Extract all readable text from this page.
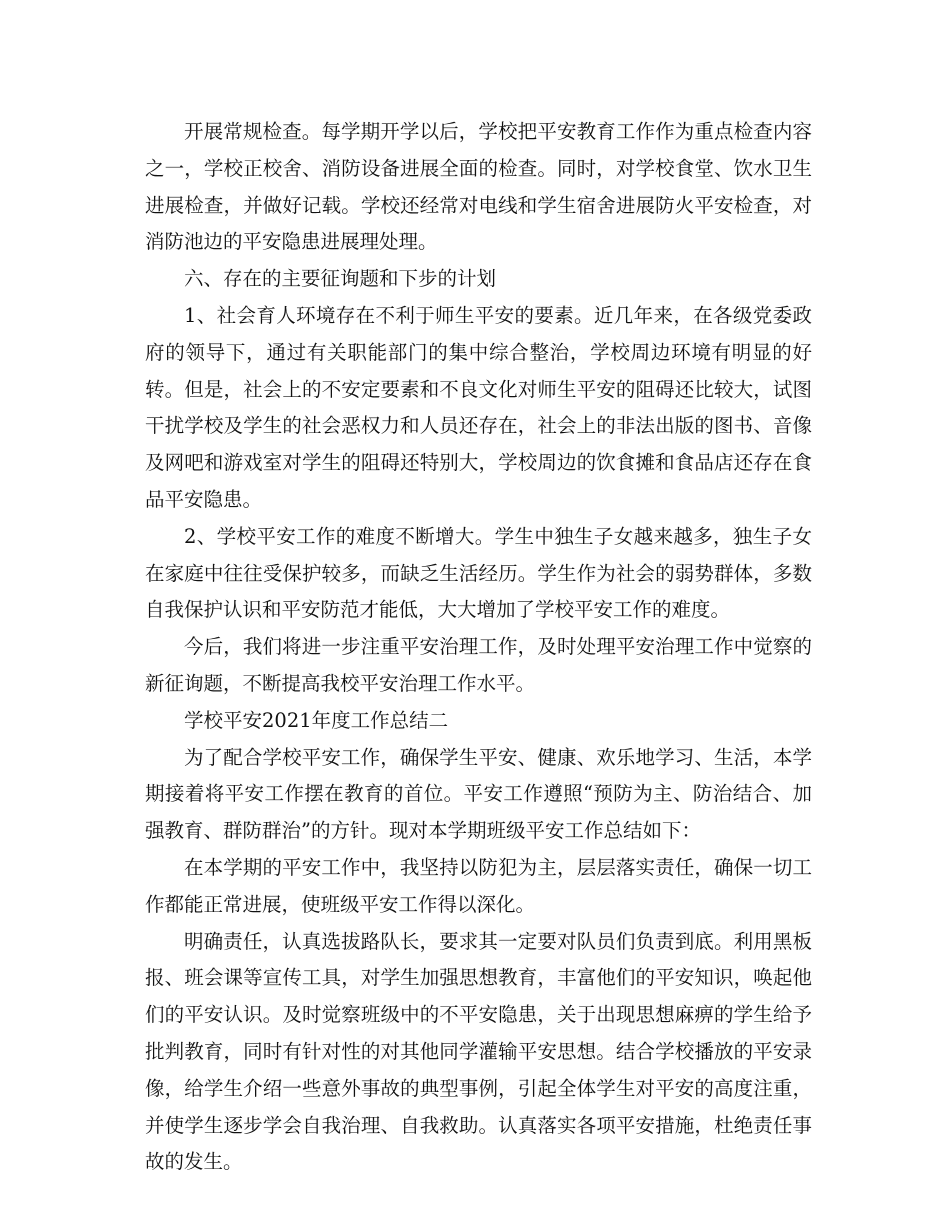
开展常规检查。每学期开学以后，学校把平安教育工作作为重点检查内容之一，学校正校舍、消防设备进展全面的检查。同时，对学校食堂、饮水卫生进展检查，并做好记载。学校还经常对电线和学生宿舍进展防火平安检查，对消防池边的平安隐患进展理处理。

六、存在的主要征询题和下步的计划

1、社会育人环境存在不利于师生平安的要素。近几年来，在各级党委政府的领导下，通过有关职能部门的集中综合整治，学校周边环境有明显的好转。但是，社会上的不安定要素和不良文化对师生平安的阻碍还比较大，试图干扰学校及学生的社会恶权力和人员还存在，社会上的非法出版的图书、音像及网吧和游戏室对学生的阻碍还特别大，学校周边的饮食摊和食品店还存在食品平安隐患。

2、学校平安工作的难度不断增大。学生中独生子女越来越多，独生子女在家庭中往往受保护较多，而缺乏生活经历。学生作为社会的弱势群体，多数自我保护认识和平安防范才能低，大大增加了学校平安工作的难度。

今后，我们将进一步注重平安治理工作，及时处理平安治理工作中觉察的新征询题，不断提高我校平安治理工作水平。

学校平安2021年度工作总结二

为了配合学校平安工作，确保学生平安、健康、欢乐地学习、生活，本学期接着将平安工作摆在教育的首位。平安工作遵照“预防为主、防治结合、加强教育、群防群治”的方针。现对本学期班级平安工作总结如下：

在本学期的平安工作中，我坚持以防犯为主，层层落实责任，确保一切工作都能正常进展，使班级平安工作得以深化。

明确责任，认真选拔路队长，要求其一定要对队员们负责到底。利用黑板报、班会课等宣传工具，对学生加强思想教育，丰富他们的平安知识，唤起他们的平安认识。及时觉察班级中的不平安隐患，关于出现思想麻痹的学生给予批判教育，同时有针对性的对其他同学灌输平安思想。结合学校播放的平安录像，给学生介绍一些意外事故的典型事例，引起全体学生对平安的高度注重，并使学生逐步学会自我治理、自我救助。认真落实各项平安措施，杜绝责任事故的发生。
